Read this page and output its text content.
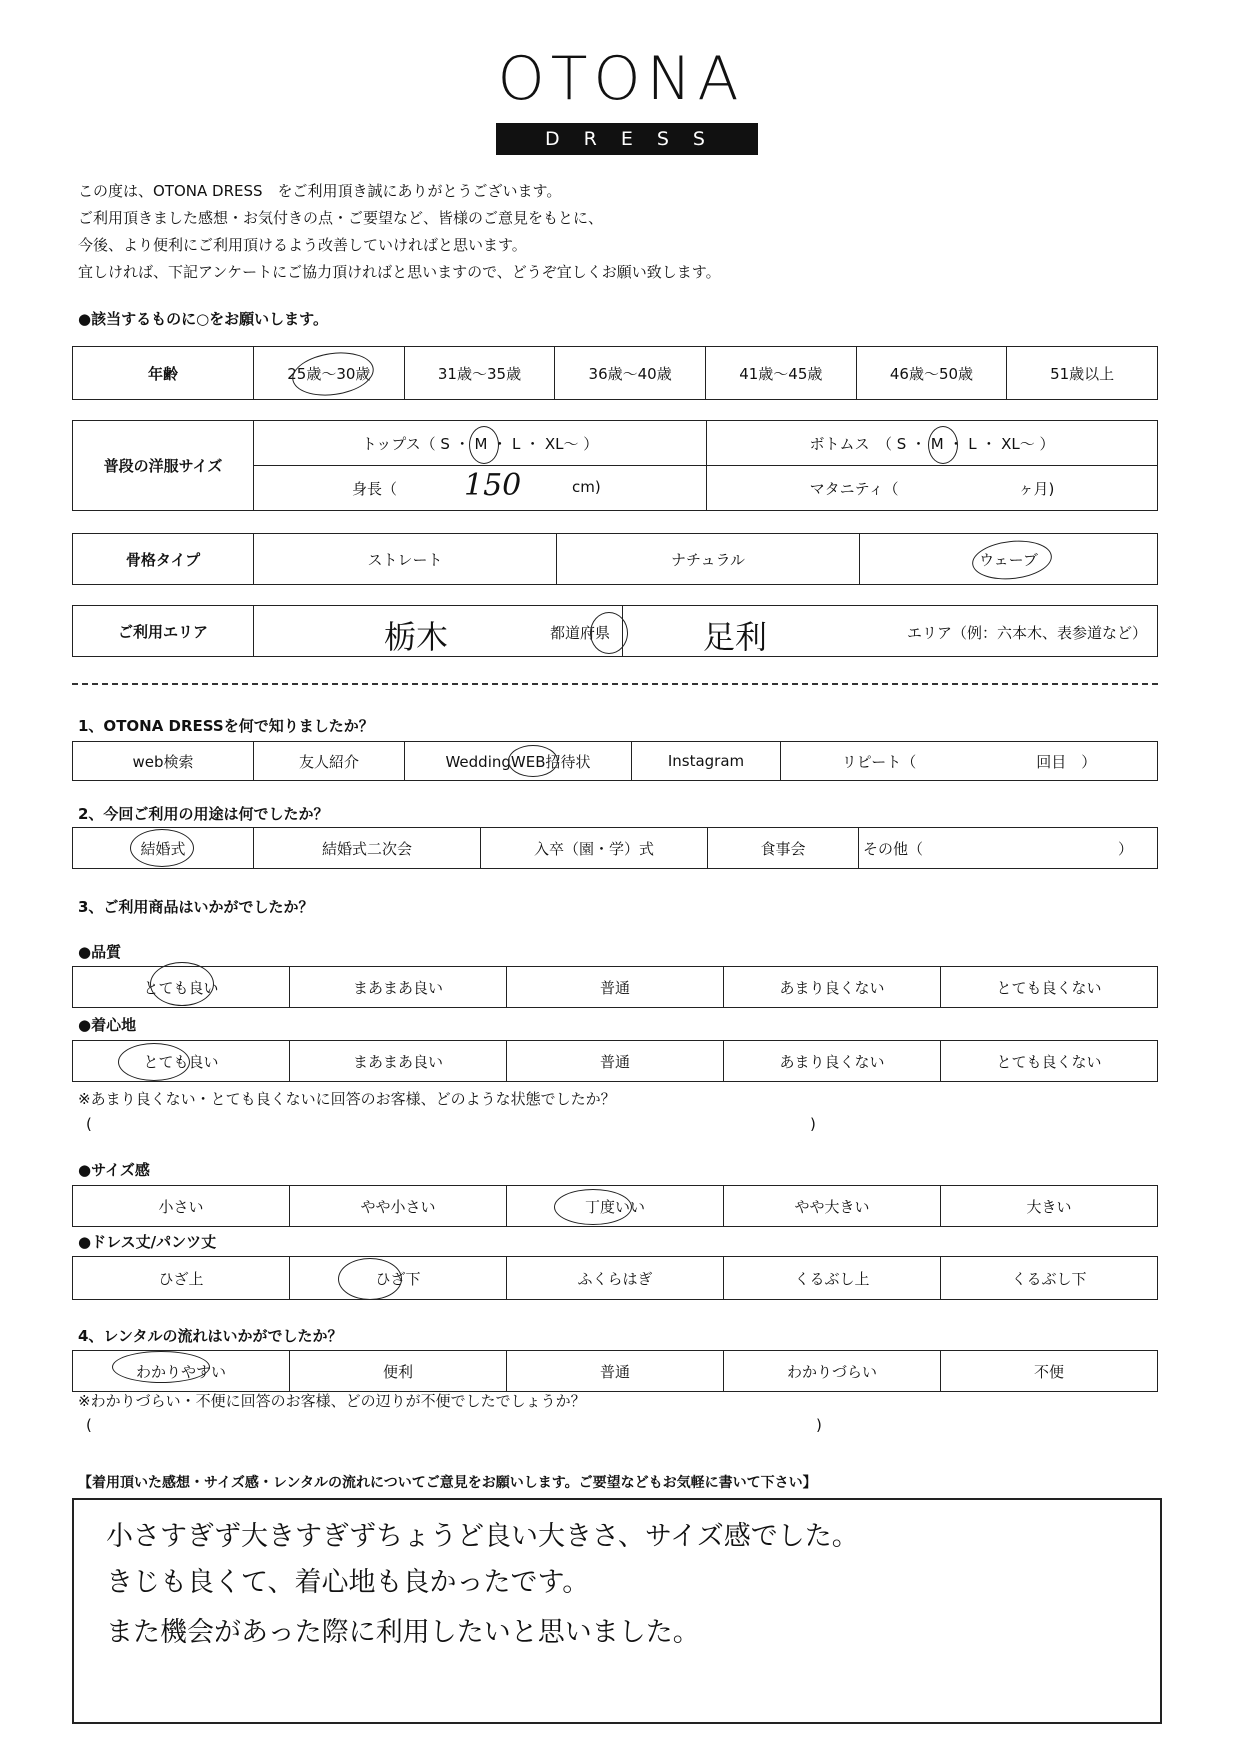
OTONA
DRESS
この度は、OTONA DRESS　をご利用頂き誠にありがとうございます。
ご利用頂きました感想・お気付きの点・ご要望など、皆様のご意見をもとに、
今後、より便利にご利用頂けるよう改善していければと思います。
宜しければ、下記アンケートにご協力頂ければと思いますので、どうぞ宜しくお願い致します。
●該当するものに○をお願いします。
年齢	25歳～30歳	31歳～35歳	36歳～40歳	41歳～45歳	46歳～50歳	51歳以上
普段の洋服サイズ	トップス（ S ・ M ・ L ・ XL～ ）	ボトムス　（ S ・ M ・ L ・ XL～ ）

	身長（ 150 cm)	マタニティ（　　　　　　　　ヶ月)
骨格タイプ	ストレート	ナチュラル	ウェーブ
ご利用エリア	栃木	都道府県	足利	エリア（例：六本木、表参道など）
1、OTONA DRESSを何で知りましたか？
web検索	友人紹介	WeddingWEB招待状	Instagram	リピート（　　　　　　　　回目　）
2、今回ご利用の用途は何でしたか？
結婚式	結婚式二次会	入卒（園・学）式	食事会	その他（　　　　　　　　　　　　　）
3、ご利用商品はいかがでしたか？
●品質
とても良い	まあまあ良い	普通	あまり良くない	とても良くない
●着心地
とても良い	まあまあ良い	普通	あまり良くない	とても良くない
※あまり良くない・とても良くないに回答のお客様、どのような状態でしたか？
(	)
●サイズ感
小さい	やや小さい	丁度いい	やや大きい	大きい
●ドレス丈/パンツ丈
ひざ上	ひざ下	ふくらはぎ	くるぶし上	くるぶし下
4、レンタルの流れはいかがでしたか？
わかりやすい	便利	普通	わかりづらい	不便
※わかりづらい・不便に回答のお客様、どの辺りが不便でしたでしょうか？
(	)
【着用頂いた感想・サイズ感・レンタルの流れについてご意見をお願いします。ご要望などもお気軽に書いて下さい】
小さすぎず大きすぎずちょうど良い大きさ、サイズ感でした。
きじも良くて、着心地も良かったです。
また機会があった際に利用したいと思いました。
